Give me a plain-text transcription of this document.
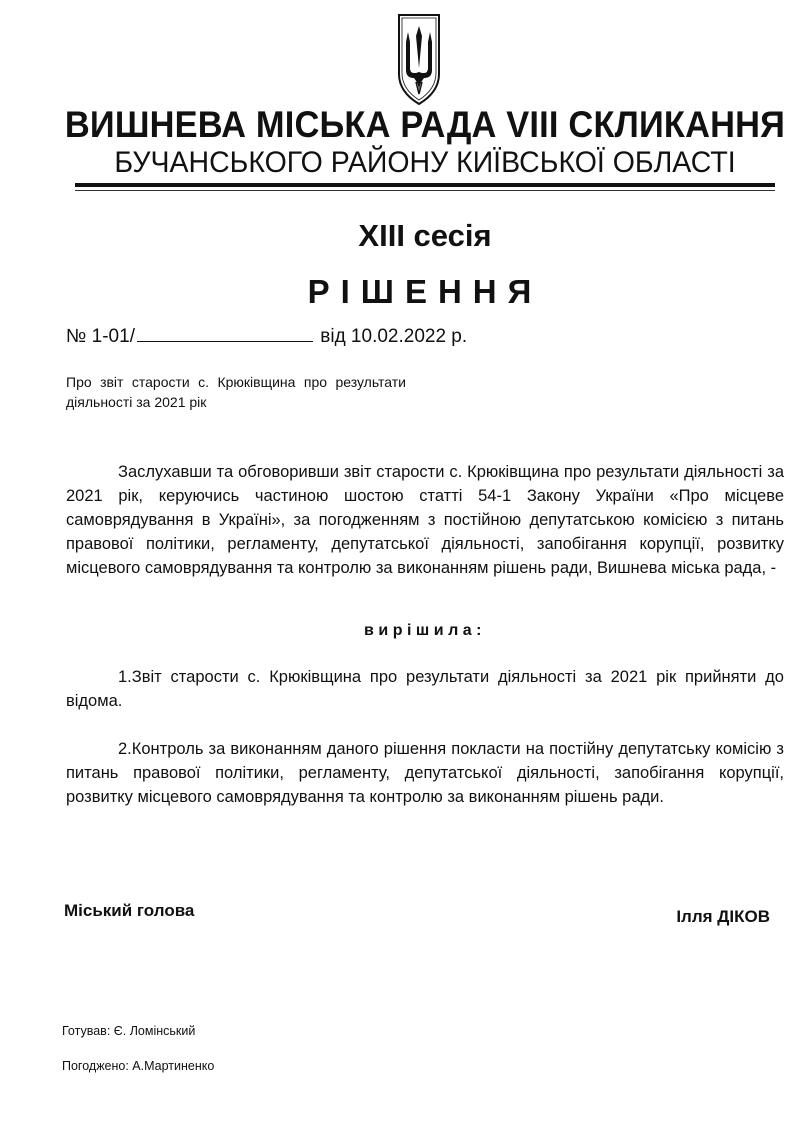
ВИШНЕВА МІСЬКА РАДА VIII СКЛИКАННЯ
БУЧАНСЬКОГО РАЙОНУ КИЇВСЬКОЇ ОБЛАСТІ
XIII сесія
РІШЕННЯ
№ 1-01/	від 10.02.2022 р.
Про звіт старости с. Крюківщина про результати діяльності за 2021 рік
Заслухавши та обговоривши звіт старости с. Крюківщина про результати діяльності за 2021 рік, керуючись частиною шостою статті 54-1 Закону України «Про місцеве самоврядування в Україні», за погодженням з постійною депутатською комісією з питань правової політики, регламенту, депутатської діяльності, запобігання корупції, розвитку місцевого самоврядування та контролю за виконанням рішень ради, Вишнева міська рада, -
вирішила:
1.Звіт старости с. Крюківщина про результати діяльності за 2021 рік прийняти до відома.
2.Контроль за виконанням даного рішення покласти на постійну депутатську комісію з питань правової політики, регламенту, депутатської діяльності, запобігання корупції, розвитку місцевого самоврядування та контролю за виконанням рішень ради.
Міський голова	Ілля ДІКОВ
Готував: Є. Ломінський
Погоджено: А.Мартиненко
